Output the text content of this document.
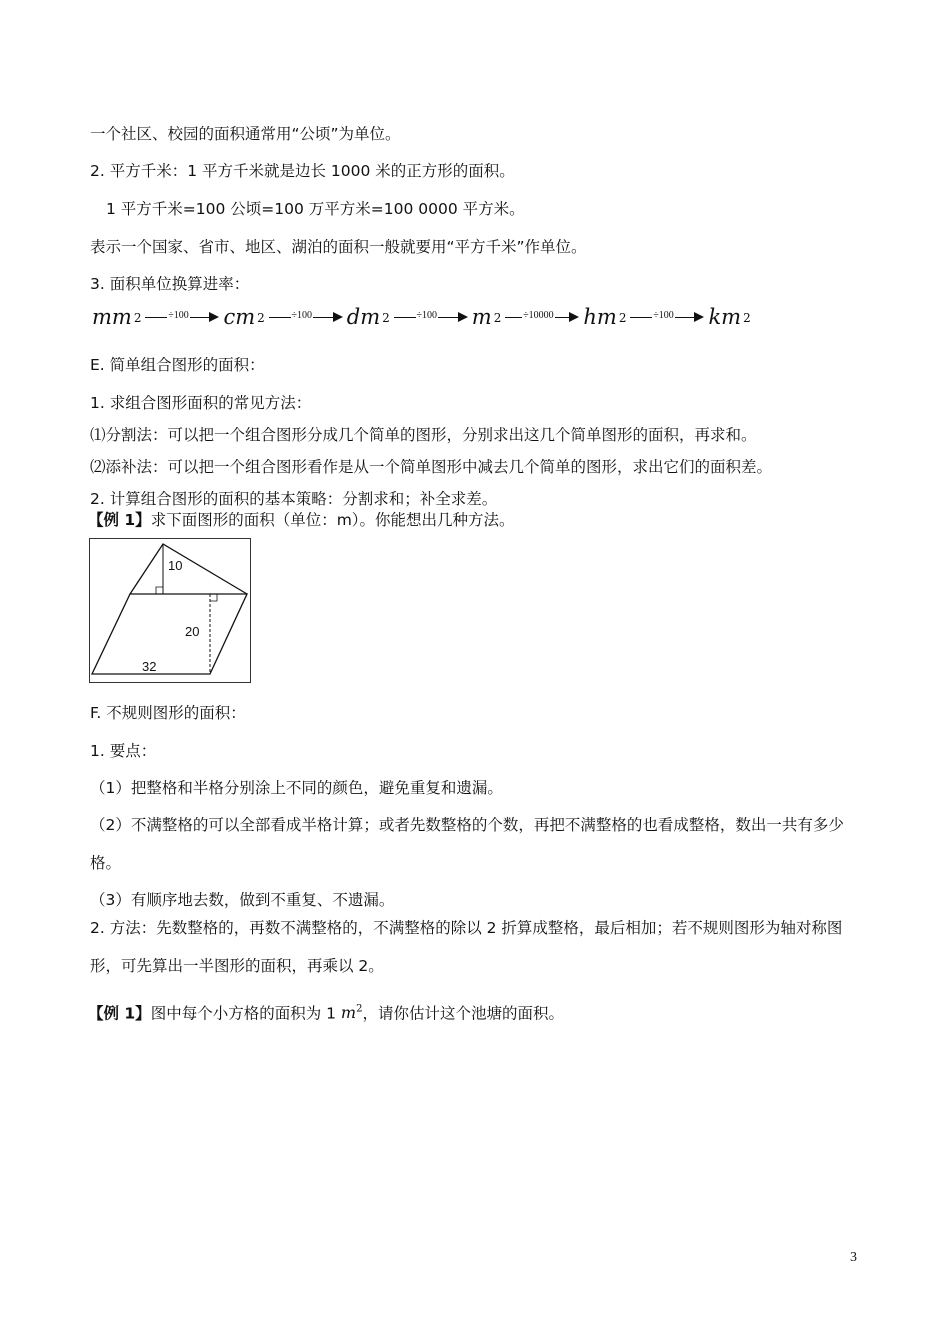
一个社区、校园的面积通常用“公顷”为单位。
2. 平方千米：1 平方千米就是边长 1000 米的正方形的面积。
1 平方千米=100 公顷=100 万平方米=100 0000 平方米。
表示一个国家、省市、地区、湖泊的面积一般就要用“平方千米”作单位。
3. 面积单位换算进率：
mm $^2$	÷100 cm $^2$	÷100 dm $^2$	÷100 m $^2$ ÷10000 hm $^2$	÷100 km $^2$
E. 简单组合图形的面积：
1. 求组合图形面积的常见方法：
⑴分割法：可以把一个组合图形分成几个简单的图形，分别求出这几个简单图形的面积，再求和。
⑵添补法：可以把一个组合图形看作是从一个简单图形中减去几个简单的图形，求出它们的面积差。
2. 计算组合图形的面积的基本策略：分割求和；补全求差。
【例 1】求下面图形的面积（单位：m）。你能想出几种方法。
10
20
32
F. 不规则图形的面积：
1. 要点：
（1）把整格和半格分别涂上不同的颜色，避免重复和遗漏。
（2）不满整格的可以全部看成半格计算；或者先数整格的个数，再把不满整格的也看成整格，数出一共有多少格。
（3）有顺序地去数，做到不重复、不遗漏。
2. 方法：先数整格的，再数不满整格的，不满整格的除以 2 折算成整格，最后相加；若不规则图形为轴对称图形，可先算出一半图形的面积，再乘以 2。
【例 1】图中每个小方格的面积为 1 $m^2$，请你估计这个池塘的面积。
3
